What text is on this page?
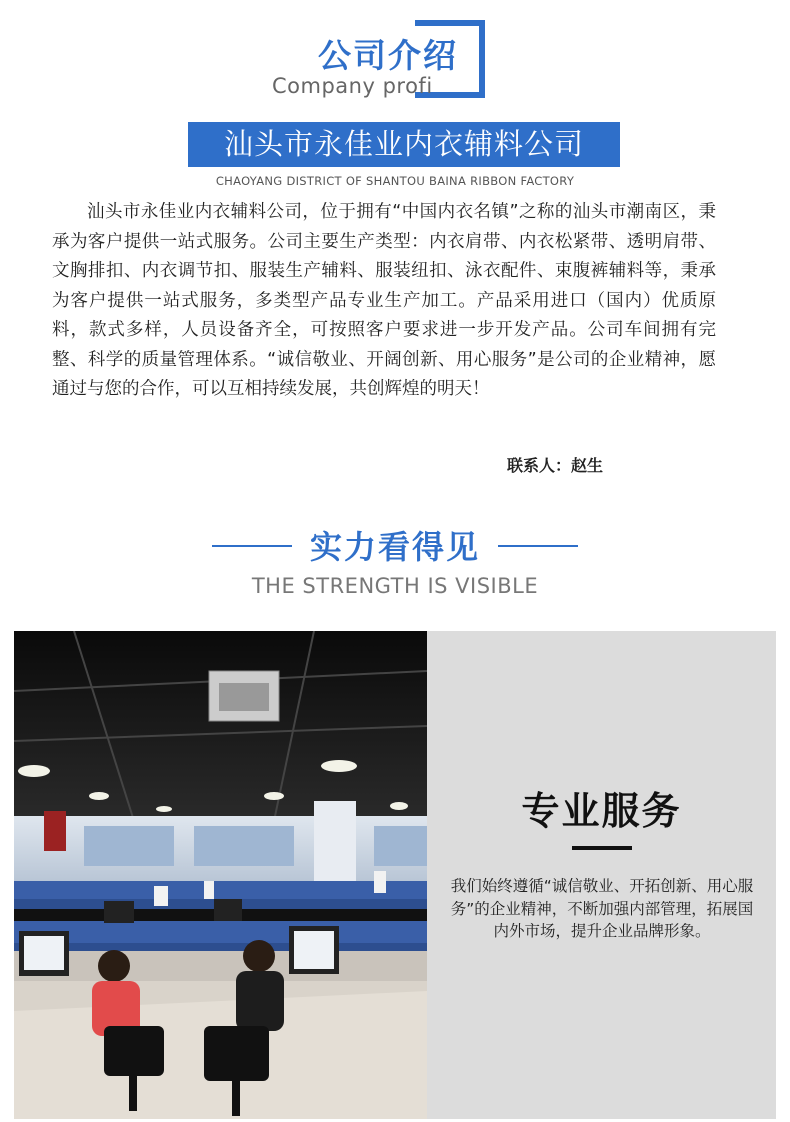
公司介绍
Company profi
汕头市永佳业内衣辅料公司
CHAOYANG DISTRICT OF SHANTOU BAINA RIBBON FACTORY

汕头市永佳业内衣辅料公司，位于拥有“中国内衣名镇”之称的汕头市潮南区，秉承为客户提供一站式服务。公司主要生产类型：内衣肩带、内衣松紧带、透明肩带、文胸排扣、内衣调节扣、服装生产辅料、服装纽扣、泳衣配件、束腹裤辅料等，秉承为客户提供一站式服务，多类型产品专业生产加工。产品采用进口（国内）优质原料，款式多样，人员设备齐全，可按照客户要求进一步开发产品。公司车间拥有完整、科学的质量管理体系。“诚信敬业、开阔创新、用心服务”是公司的企业精神，愿通过与您的合作，可以互相持续发展，共创辉煌的明天！

联系人：赵生
实力看得见
THE STRENGTH IS VISIBLE
专业服务
我们始终遵循“诚信敬业、开拓创新、用心服务”的企业精神，不断加强内部管理，拓展国内外市场，提升企业品牌形象。
